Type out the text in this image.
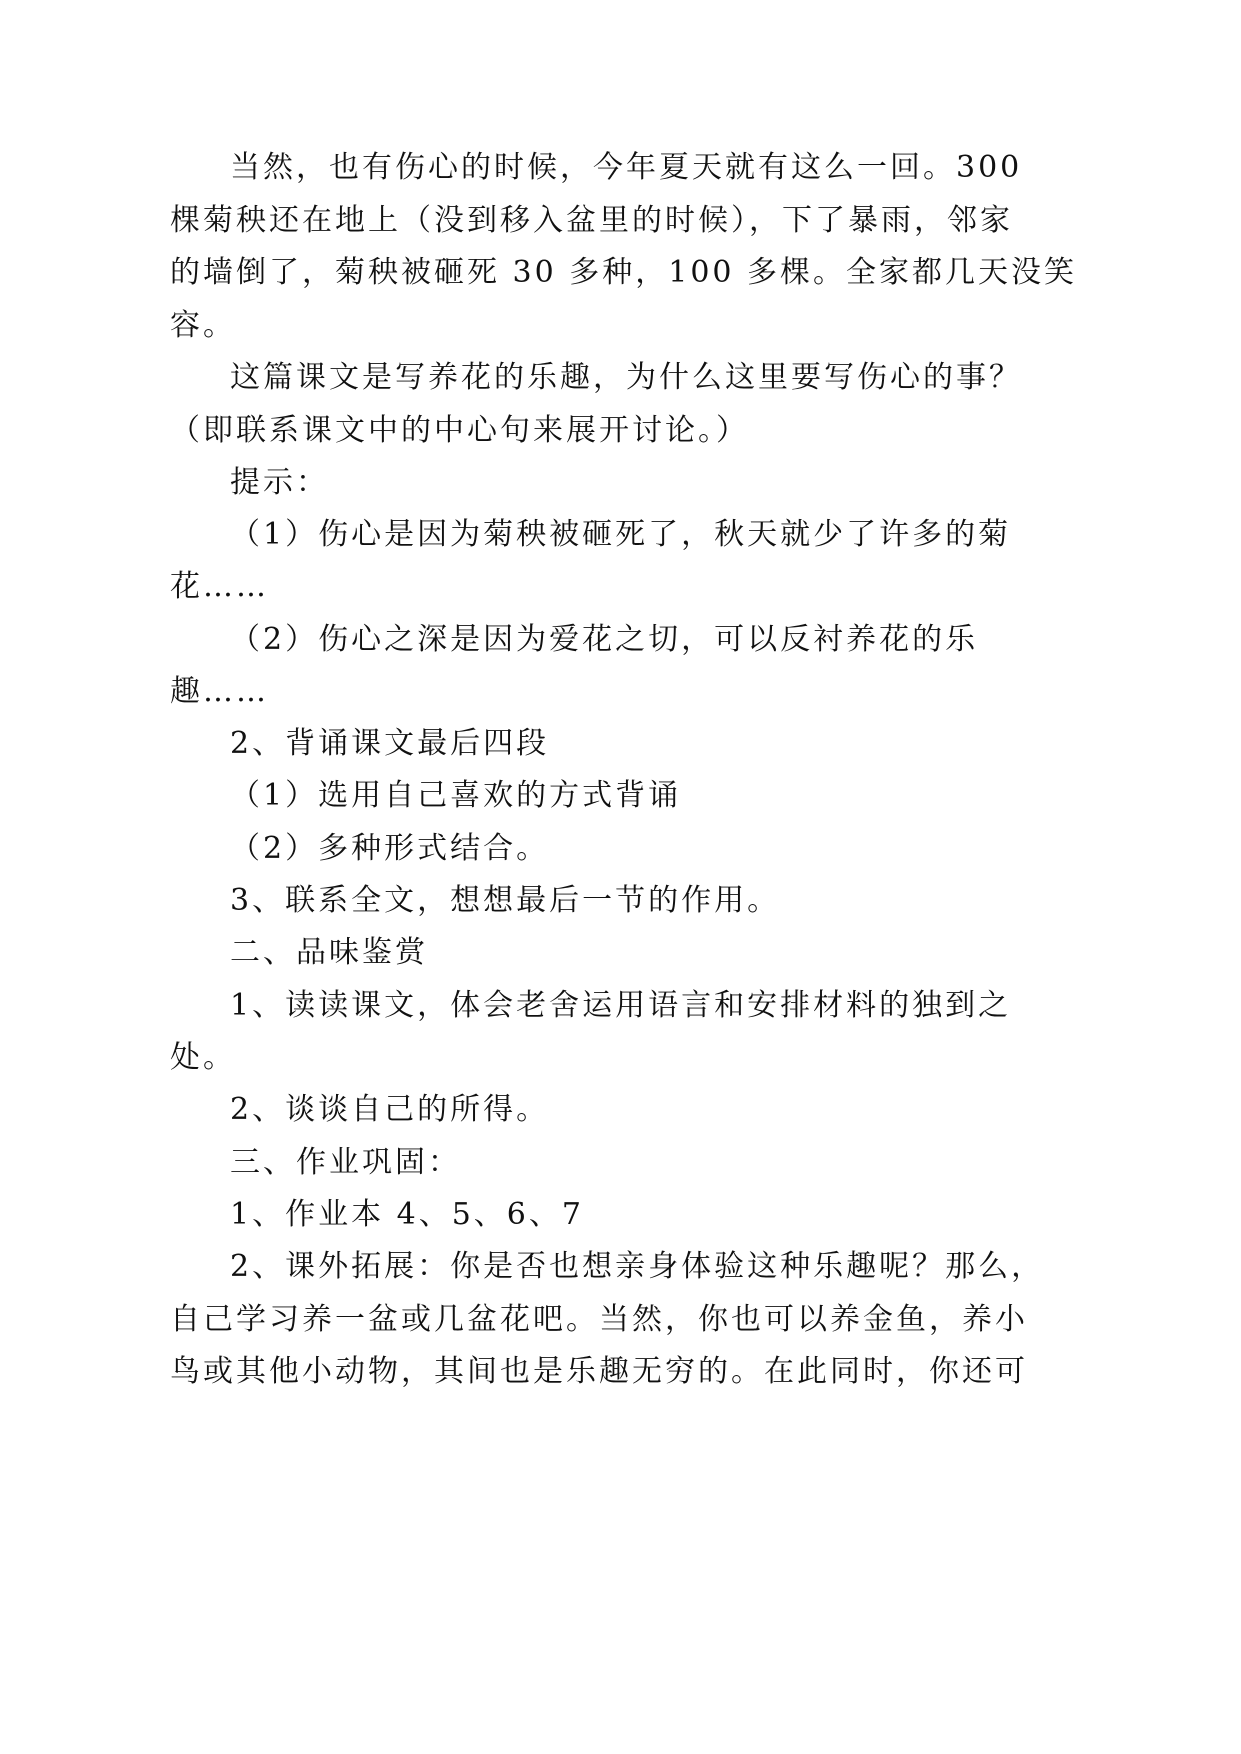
当然，也有伤心的时候，今年夏天就有这么一回。300
棵菊秧还在地上（没到移入盆里的时候），下了暴雨，邻家
的墙倒了，菊秧被砸死 30 多种，100 多棵。全家都几天没笑
容。
这篇课文是写养花的乐趣，为什么这里要写伤心的事？
（即联系课文中的中心句来展开讨论。）
提示：
（1）伤心是因为菊秧被砸死了，秋天就少了许多的菊
花……
（2）伤心之深是因为爱花之切，可以反衬养花的乐
趣……
2、背诵课文最后四段
（1）选用自己喜欢的方式背诵
（2）多种形式结合。
3、联系全文，想想最后一节的作用。
二、品味鉴赏
1、读读课文，体会老舍运用语言和安排材料的独到之
处。
2、谈谈自己的所得。
三、作业巩固：
1、作业本 4、5、6、7
2、课外拓展：你是否也想亲身体验这种乐趣呢？那么，
自己学习养一盆或几盆花吧。当然，你也可以养金鱼，养小
鸟或其他小动物，其间也是乐趣无穷的。在此同时，你还可
